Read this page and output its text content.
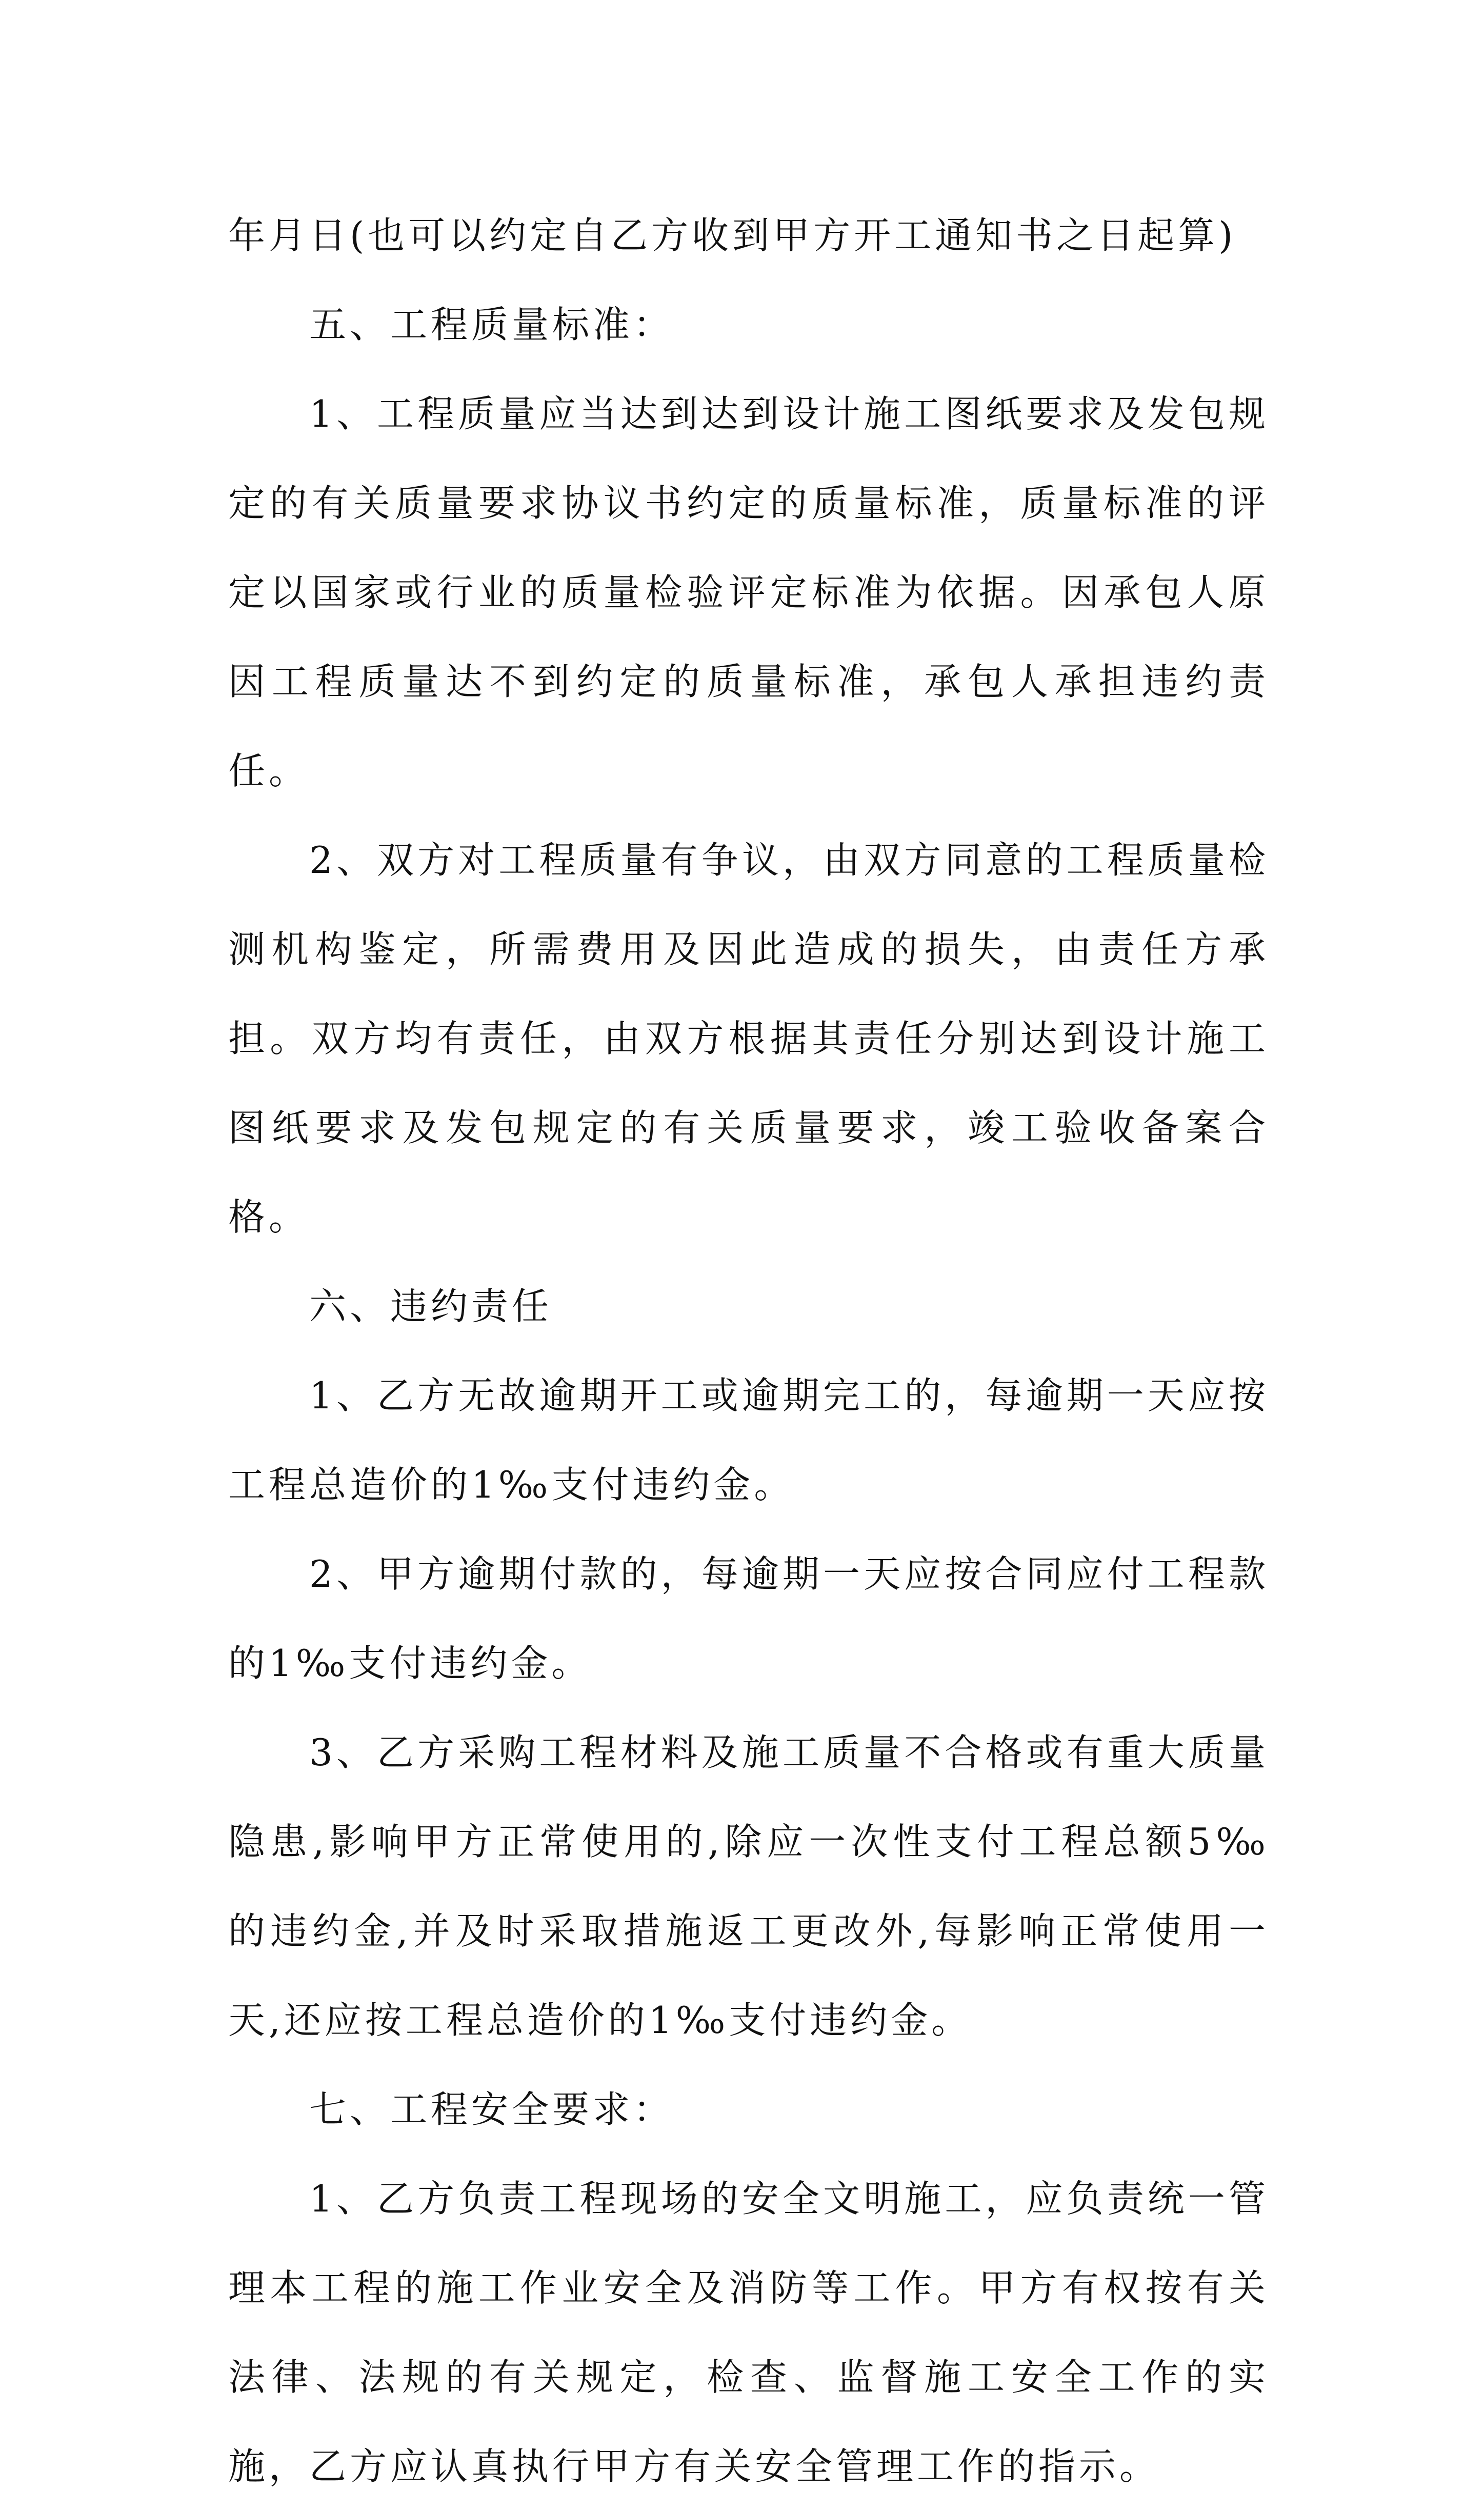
年月日(也可以约定自乙方收到甲方开工通知书之日起算)

五、工程质量标准：

1、工程质量应当达到达到设计施工图纸要求及发包规定的有关质量要求协议书约定的质量标准，质量标准的评定以国家或行业的质量检验评定标准为依据。因承包人原因工程质量达不到约定的质量标准，承包人承担违约责任。

2、双方对工程质量有争议，由双方同意的工程质量检测机构鉴定，所需费用及因此造成的损失，由责任方承担。双方均有责任，由双方根据其责任分别达到设计施工图纸要求及发包规定的有关质量要求，竣工验收备案合格。

六、违约责任

1、乙方无故逾期开工或逾期完工的，每逾期一天应按工程总造价的1‰支付违约金。

2、甲方逾期付款的，每逾期一天应按合同应付工程款的1‰支付违约金。

3、乙方采购工程材料及施工质量不合格或有重大质量隐患,影响甲方正常使用的,除应一次性支付工程总额5‰的违约金,并及时采取措施返工更改外,每影响正常使用一天,还应按工程总造价的1‰支付违约金。

七、工程安全要求：

1、乙方负责工程现场的安全文明施工，应负责统一管理本工程的施工作业安全及消防等工作。甲方有权按有关法律、法规的有关规定，检查、监督施工安全工作的实施，乙方应认真执行甲方有关安全管理工作的指示。
